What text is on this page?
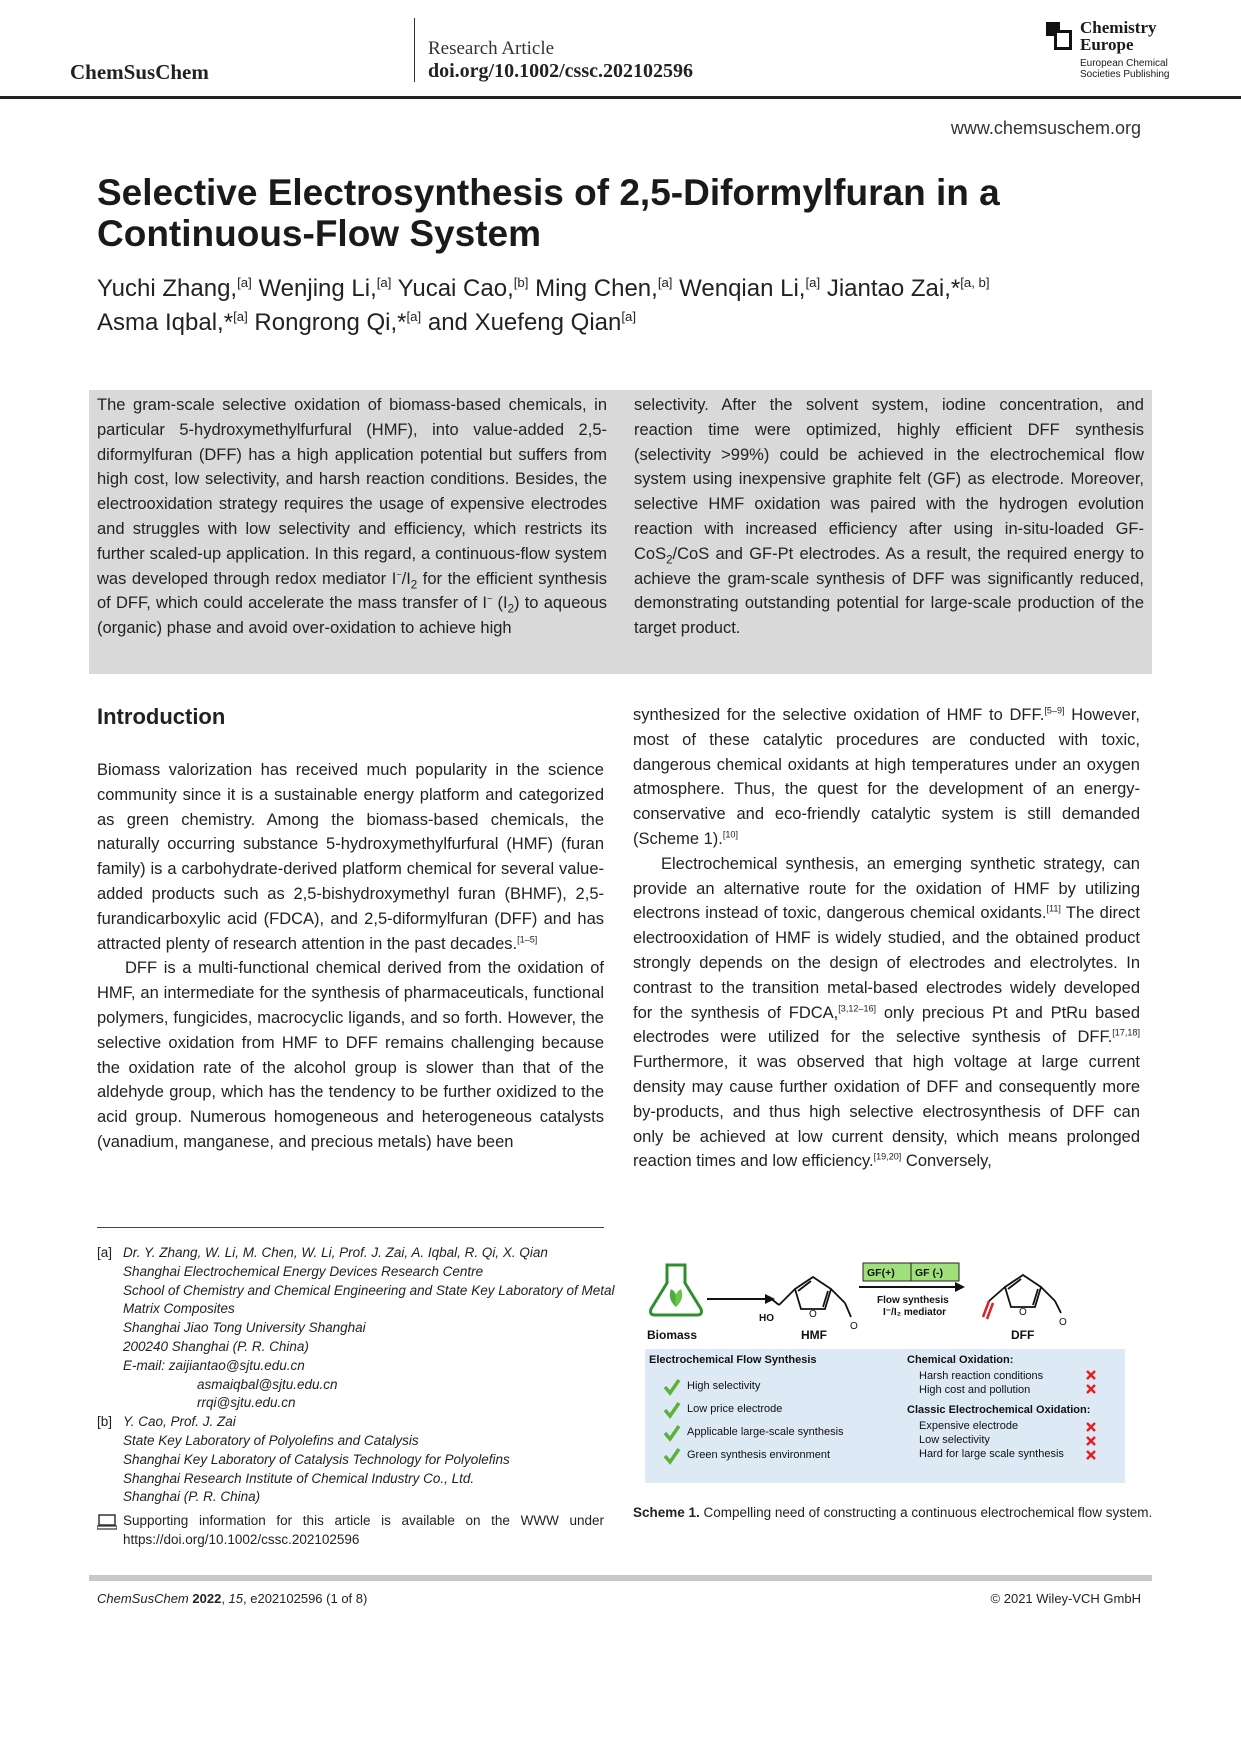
ChemSusChem
Research Article
doi.org/10.1002/cssc.202102596
Chemistry
Europe
European Chemical
Societies Publishing
www.chemsuschem.org
Selective Electrosynthesis of 2,5-Diformylfuran in a
Continuous-Flow System
Yuchi Zhang,[a] Wenjing Li,[a] Yucai Cao,[b] Ming Chen,[a] Wenqian Li,[a] Jiantao Zai,*[a, b]
Asma Iqbal,*[a] Rongrong Qi,*[a] and Xuefeng Qian[a]
The gram-scale selective oxidation of biomass-based chemicals, in particular 5-hydroxymethylfurfural (HMF), into value-added 2,5-diformylfuran (DFF) has a high application potential but suffers from high cost, low selectivity, and harsh reaction conditions. Besides, the electrooxidation strategy requires the usage of expensive electrodes and struggles with low selectivity and efficiency, which restricts its further scaled-up application. In this regard, a continuous-flow system was developed through redox mediator $I^-/I_2$ for the efficient synthesis of DFF, which could accelerate the mass transfer of I− $(I_2)$ to aqueous (organic) phase and avoid over-oxidation to achieve high
selectivity. After the solvent system, iodine concentration, and reaction time were optimized, highly efficient DFF synthesis (selectivity >99%) could be achieved in the electrochemical flow system using inexpensive graphite felt (GF) as electrode. Moreover, selective HMF oxidation was paired with the hydrogen evolution reaction with increased efficiency after using in-situ-loaded GF-CoS$_2$/CoS and GF-Pt electrodes. As a result, the required energy to achieve the gram-scale synthesis of DFF was significantly reduced, demonstrating outstanding potential for large-scale production of the target product.
Introduction

Biomass valorization has received much popularity in the science community since it is a sustainable energy platform and categorized as green chemistry. Among the biomass-based chemicals, the naturally occurring substance 5-hydroxymethylfurfural (HMF) (furan family) is a carbohydrate-derived platform chemical for several value-added products such as 2,5-bishydroxymethyl furan (BHMF), 2,5-furandicarboxylic acid (FDCA), and 2,5-diformylfuran (DFF) and has attracted plenty of research attention in the past decades.[1–5]

DFF is a multi-functional chemical derived from the oxidation of HMF, an intermediate for the synthesis of pharmaceuticals, functional polymers, fungicides, macrocyclic ligands, and so forth. However, the selective oxidation from HMF to DFF remains challenging because the oxidation rate of the alcohol group is slower than that of the aldehyde group, which has the tendency to be further oxidized to the acid group. Numerous homogeneous and heterogeneous catalysts (vanadium, manganese, and precious metals) have been

synthesized for the selective oxidation of HMF to DFF.[5–9] However, most of these catalytic procedures are conducted with toxic, dangerous chemical oxidants at high temperatures under an oxygen atmosphere. Thus, the quest for the development of an energy-conservative and eco-friendly catalytic system is still demanded (Scheme 1).[10]

Electrochemical synthesis, an emerging synthetic strategy, can provide an alternative route for the oxidation of HMF by utilizing electrons instead of toxic, dangerous chemical oxidants.[11] The direct electrooxidation of HMF is widely studied, and the obtained product strongly depends on the design of electrodes and electrolytes. In contrast to the transition metal-based electrodes widely developed for the synthesis of FDCA,[3,12–16] only precious Pt and PtRu based electrodes were utilized for the selective synthesis of DFF.[17,18] Furthermore, it was observed that high voltage at large current density may cause further oxidation of DFF and consequently more by-products, and thus high selective electrosynthesis of DFF can only be achieved at low current density, which means prolonged reaction times and low efficiency.[19,20] Conversely,

[a] Dr. Y. Zhang, W. Li, M. Chen, W. Li, Prof. J. Zai, A. Iqbal, R. Qi, X. Qian
Shanghai Electrochemical Energy Devices Research Centre
School of Chemistry and Chemical Engineering and State Key Laboratory of Metal Matrix Composites
Shanghai Jiao Tong University Shanghai
200240 Shanghai (P. R. China)
E-mail: zaijiantao@sjtu.edu.cn
asmaiqbal@sjtu.edu.cn
rrqi@sjtu.edu.cn
[b] Y. Cao, Prof. J. Zai
State Key Laboratory of Polyolefins and Catalysis
Shanghai Key Laboratory of Catalysis Technology for Polyolefins
Shanghai Research Institute of Chemical Industry Co., Ltd.
Shanghai (P. R. China)
Supporting information for this article is available on the WWW under https://doi.org/10.1002/cssc.202102596
Biomass
O
HO
O
HMF
GF(+) GF (-)
Flow synthesis
I⁻/I₂ mediator	O
O
DFF
Electrochemical Flow Synthesis
High selectivity
Low price electrode
Applicable large-scale synthesis
Green synthesis environment
Chemical Oxidation:
Harsh reaction conditions
High cost and pollution
Classic Electrochemical Oxidation:
Expensive electrode
Low selectivity
Hard for large scale synthesis
Scheme 1. Compelling need of constructing a continuous electrochemical flow system.
ChemSusChem 2022, 15, e202102596 (1 of 8)	© 2021 Wiley-VCH GmbH
